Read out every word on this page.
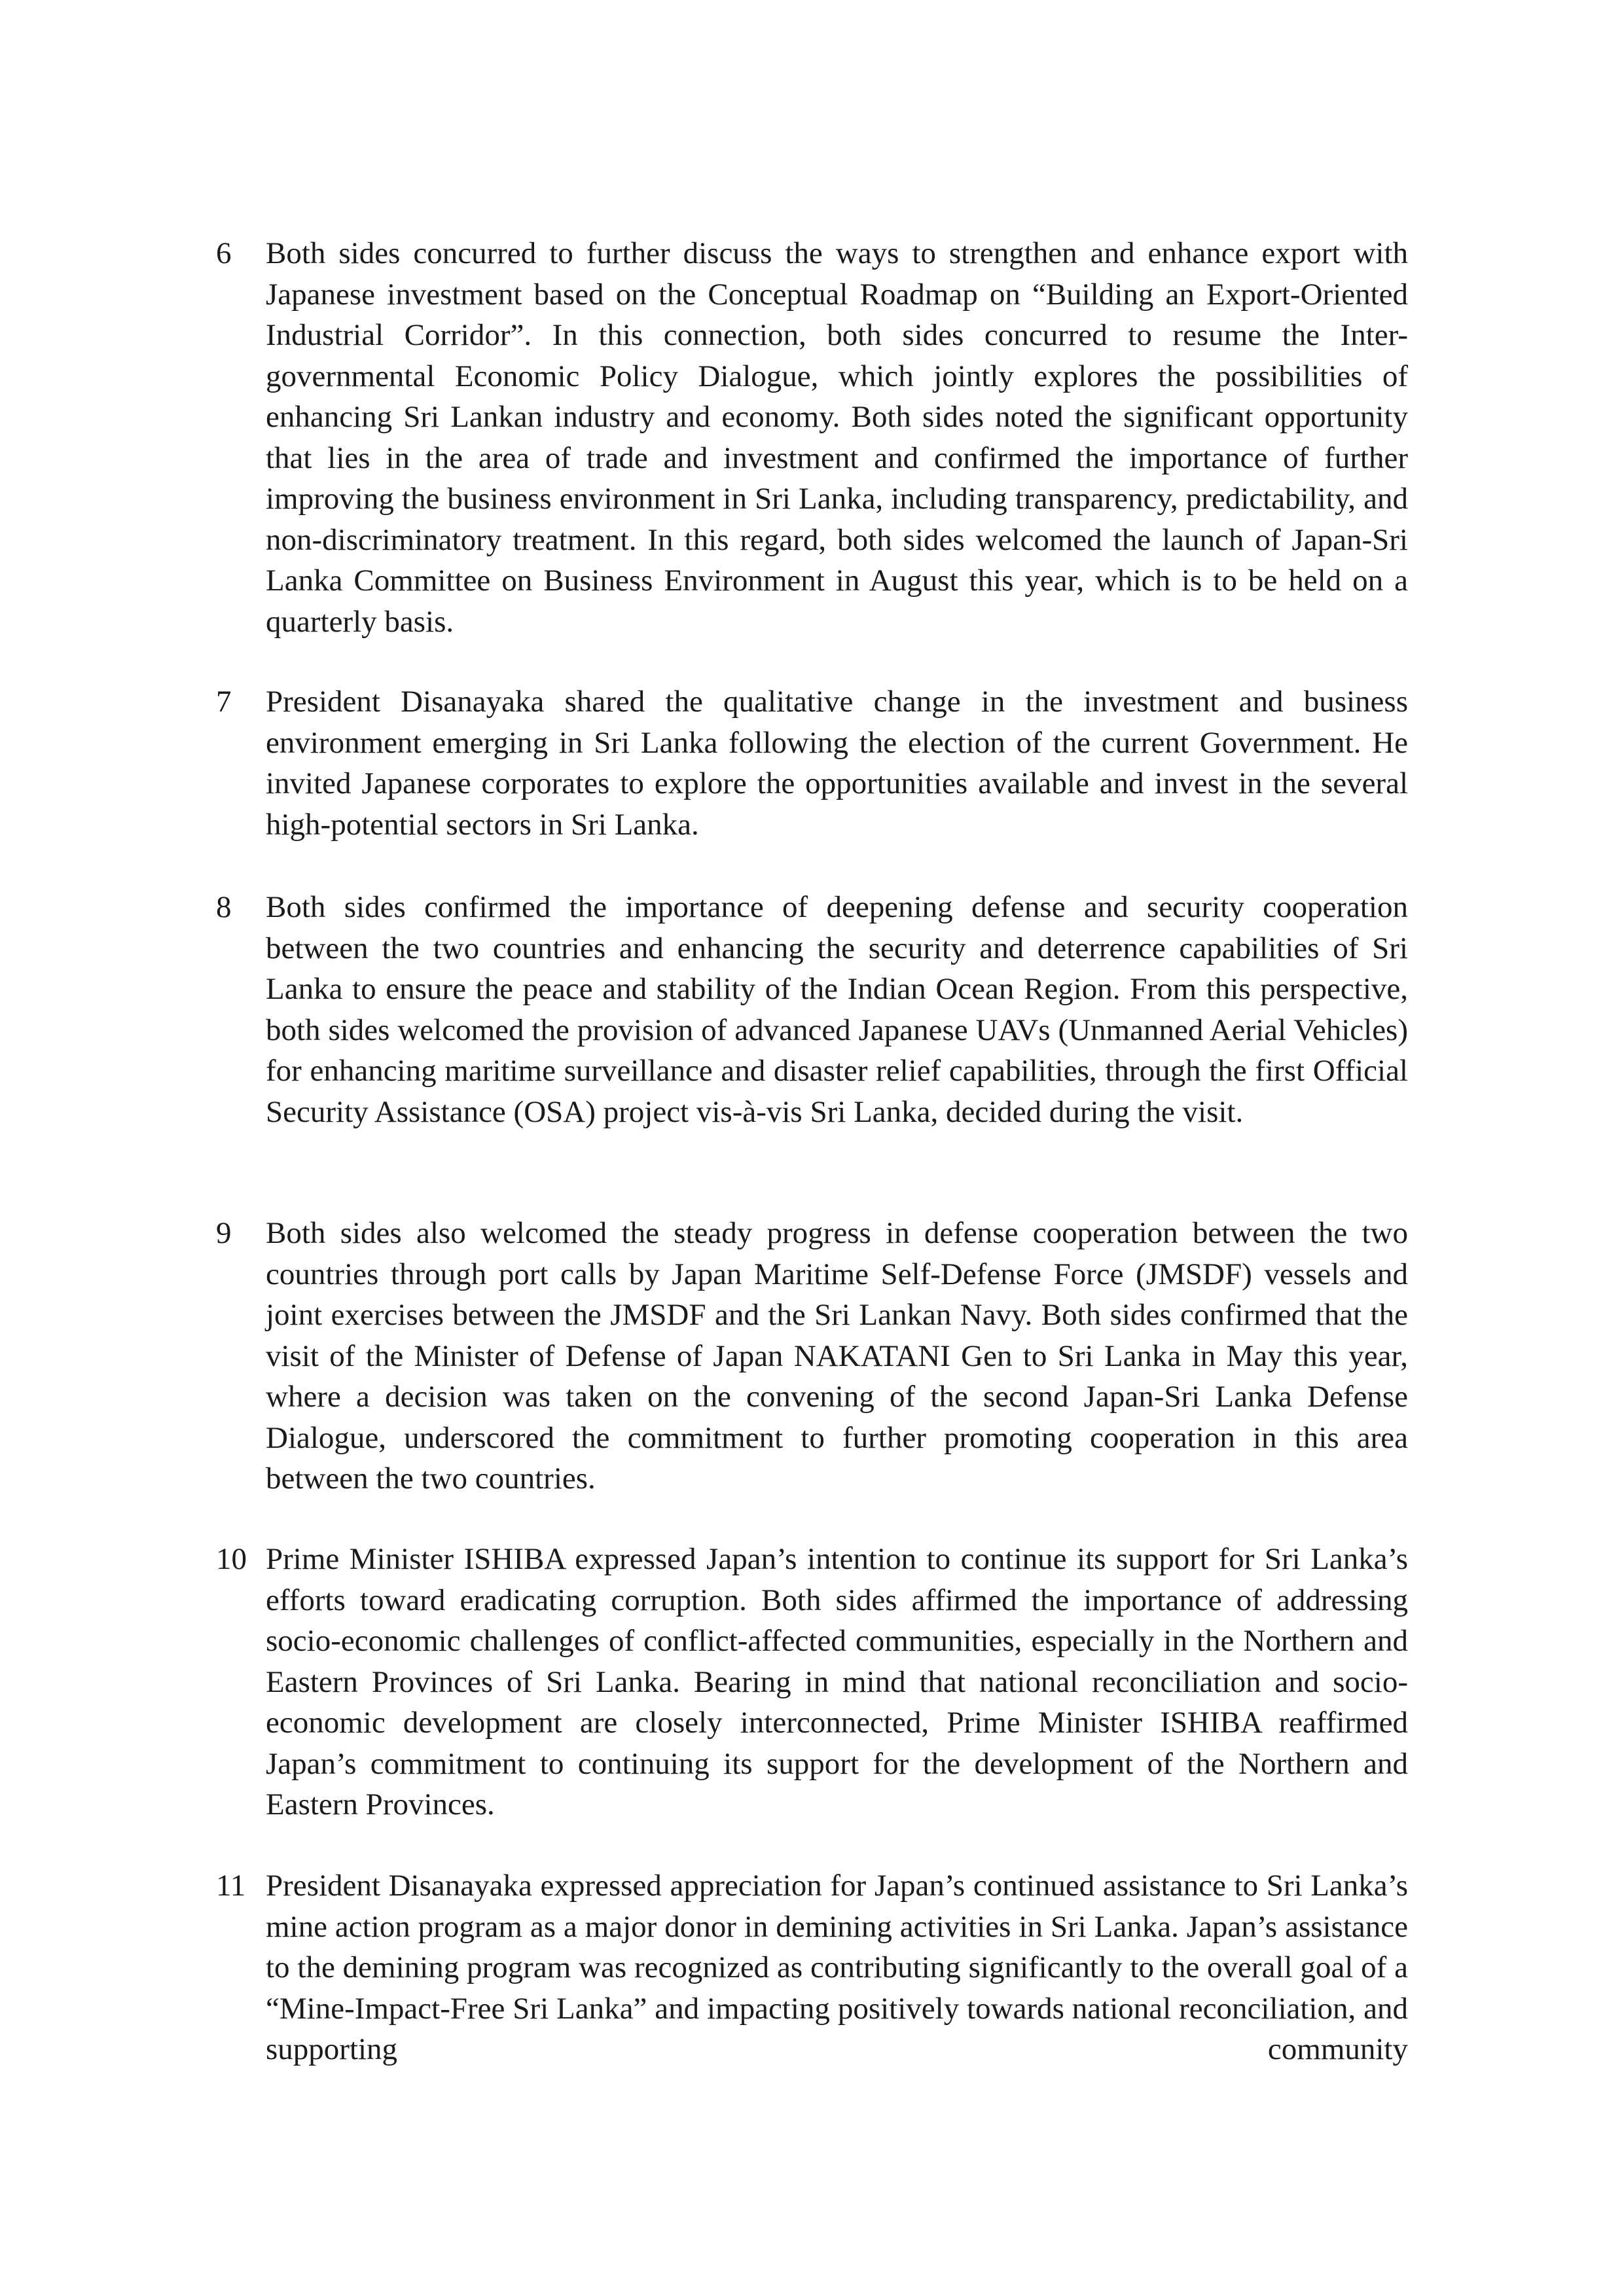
6 Both sides concurred to further discuss the ways to strengthen and enhance export with Japanese investment based on the Conceptual Roadmap on “Building an Export-Oriented Industrial Corridor”. In this connection, both sides concurred to resume the Inter-governmental Economic Policy Dialogue, which jointly explores the possibilities of enhancing Sri Lankan industry and economy. Both sides noted the significant opportunity that lies in the area of trade and investment and confirmed the importance of further improving the business environment in Sri Lanka, including transparency, predictability, and non-discriminatory treatment. In this regard, both sides welcomed the launch of Japan-Sri Lanka Committee on Business Environment in August this year, which is to be held on a quarterly basis.

7 President Disanayaka shared the qualitative change in the investment and business environment emerging in Sri Lanka following the election of the current Government. He invited Japanese corporates to explore the opportunities available and invest in the several high-potential sectors in Sri Lanka.

8 Both sides confirmed the importance of deepening defense and security cooperation between the two countries and enhancing the security and deterrence capabilities of Sri Lanka to ensure the peace and stability of the Indian Ocean Region. From this perspective, both sides welcomed the provision of advanced Japanese UAVs (Unmanned Aerial Vehicles) for enhancing maritime surveillance and disaster relief capabilities, through the first Official Security Assistance (OSA) project vis-à-vis Sri Lanka, decided during the visit.

9 Both sides also welcomed the steady progress in defense cooperation between the two countries through port calls by Japan Maritime Self-Defense Force (JMSDF) vessels and joint exercises between the JMSDF and the Sri Lankan Navy. Both sides confirmed that the visit of the Minister of Defense of Japan NAKATANI Gen to Sri Lanka in May this year, where a decision was taken on the convening of the second Japan-Sri Lanka Defense Dialogue, underscored the commitment to further promoting cooperation in this area between the two countries.

10 Prime Minister ISHIBA expressed Japan’s intention to continue its support for Sri Lanka’s efforts toward eradicating corruption. Both sides affirmed the importance of addressing socio-economic challenges of conflict-affected communities, especially in the Northern and Eastern Provinces of Sri Lanka. Bearing in mind that national reconciliation and socio-economic development are closely interconnected, Prime Minister ISHIBA reaffirmed Japan’s commitment to continuing its support for the development of the Northern and Eastern Provinces.

11 President Disanayaka expressed appreciation for Japan’s continued assistance to Sri Lanka’s mine action program as a major donor in demining activities in Sri Lanka. Japan’s assistance to the demining program was recognized as contributing significantly to the overall goal of a “Mine-Impact-Free Sri Lanka” and impacting positively towards national reconciliation, and supporting community
